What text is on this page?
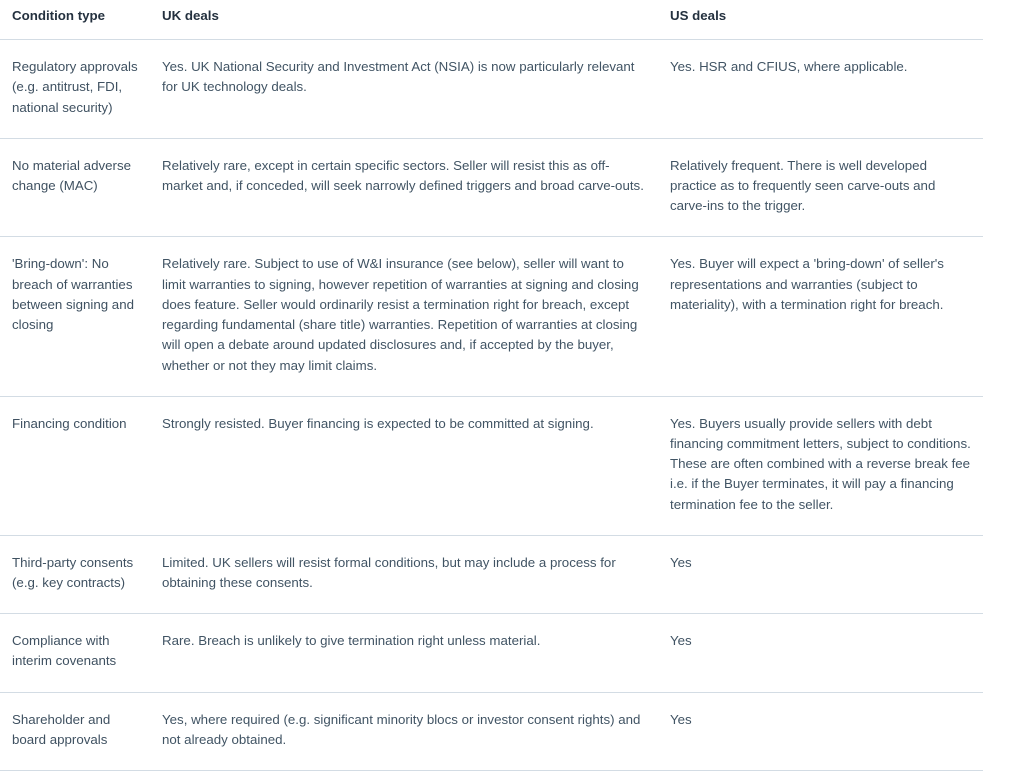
Condition type	UK deals	US deals
Regulatory approvals (e.g. antitrust, FDI, national security)	Yes. UK National Security and Investment Act (NSIA) is now particularly relevant for UK technology deals.	Yes. HSR and CFIUS, where applicable.
No material adverse change (MAC)	Relatively rare, except in certain specific sectors. Seller will resist this as off-market and, if conceded, will seek narrowly defined triggers and broad carve-outs.	Relatively frequent. There is well developed practice as to frequently seen carve-outs and carve-ins to the trigger.
'Bring-down': No breach of warranties between signing and closing	Relatively rare. Subject to use of W&I insurance (see below), seller will want to limit warranties to signing, however repetition of warranties at signing and closing does feature. Seller would ordinarily resist a termination right for breach, except regarding fundamental (share title) warranties. Repetition of warranties at closing will open a debate around updated disclosures and, if accepted by the buyer, whether or not they may limit claims.	Yes. Buyer will expect a 'bring-down' of seller's representations and warranties (subject to materiality), with a termination right for breach.
Financing condition	Strongly resisted. Buyer financing is expected to be committed at signing.	Yes. Buyers usually provide sellers with debt financing commitment letters, subject to conditions. These are often combined with a reverse break fee i.e. if the Buyer terminates, it will pay a financing termination fee to the seller.
Third-party consents (e.g. key contracts)	Limited. UK sellers will resist formal conditions, but may include a process for obtaining these consents.	Yes
Compliance with interim covenants	Rare. Breach is unlikely to give termination right unless material.	Yes
Shareholder and board approvals	Yes, where required (e.g. significant minority blocs or investor consent rights) and not already obtained.	Yes
